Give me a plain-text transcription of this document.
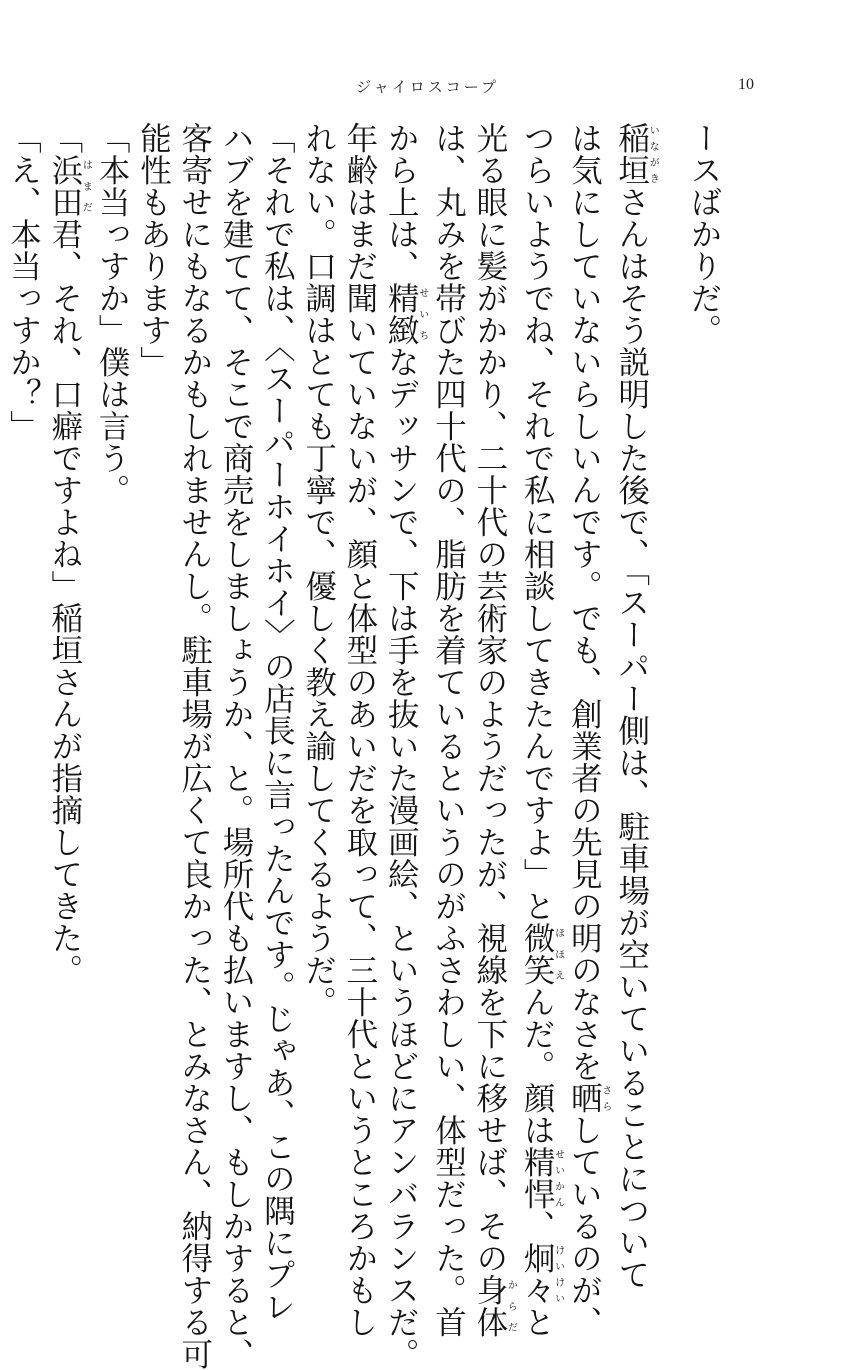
ジャイロスコープ	10

ースばかりだ。

稲垣いながきさんはそう説明した後で、「スーパー側は、駐車場が空いていることについて

は気にしていないらしいんです。でも、創業者の先見の明のなさを晒さらしているのが、

つらいようでね、それで私に相談してきたんですよ」と微笑ほほえんだ。顔は精悍せいかん、炯々けいけいと

光る眼に髪がかかり、二十代の芸術家のようだったが、視線を下に移せば、その身体からだ

は、丸みを帯びた四十代の、脂肪を着ているというのがふさわしい、体型だった。首

から上は、精緻せいちなデッサンで、下は手を抜いた漫画絵、というほどにアンバランスだ。

年齢はまだ聞いていないが、顔と体型のあいだを取って、三十代というところかもし

れない。口調はとても丁寧で、優しく教え諭してくるようだ。

「それで私は、〈スーパーホイホイ〉の店長に言ったんです。じゃあ、この隅にプレ

ハブを建てて、そこで商売をしましょうか、と。場所代も払いますし、もしかすると、

客寄せにもなるかもしれませんし。駐車場が広くて良かった、とみなさん、納得する可

能性もあります」

「本当っすか」僕は言う。

「浜田はまだ君、それ、口癖ですよね」稲垣さんが指摘してきた。

「え、本当っすか？」
